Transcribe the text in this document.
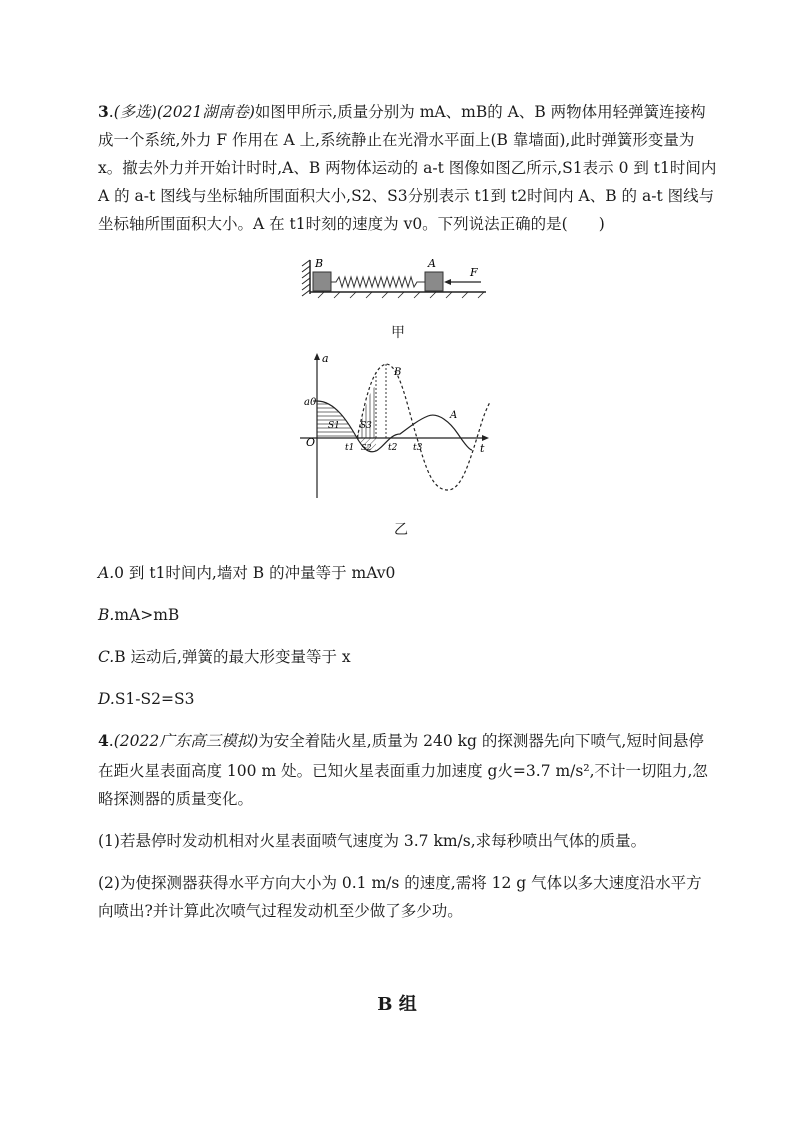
3.(多选)(2021湖南卷)如图甲所示,质量分别为 mA、mB的 A、B 两物体用轻弹簧连接构
成一个系统,外力 F 作用在 A 上,系统静止在光滑水平面上(B 靠墙面),此时弹簧形变量为
x。撤去外力并开始计时时,A、B 两物体运动的 a-t 图像如图乙所示,S1表示 0 到 t1时间内
A 的 a-t 图线与坐标轴所围面积大小,S2、S3分别表示 t1到 t2时间内 A、B 的 a-t 图线与
坐标轴所围面积大小。A 在 t1时刻的速度为 v0。下列说法正确的是(　　)
B	A
F
甲
a
t
O
a0
S1 S3
S2
t1	t2 t3
B
A
乙
A.0 到 t1时间内,墙对 B 的冲量等于 mAv0
B.mA>mB
C.B 运动后,弹簧的最大形变量等于 x
D.S1-S2=S3
4.(2022广东高三模拟)为安全着陆火星,质量为 240 kg 的探测器先向下喷气,短时间悬停
在距火星表面高度 100 m 处。已知火星表面重力加速度 g火=3.7 m/s²,不计一切阻力,忽
略探测器的质量变化。
(1)若悬停时发动机相对火星表面喷气速度为 3.7 km/s,求每秒喷出气体的质量。
(2)为使探测器获得水平方向大小为 0.1 m/s 的速度,需将 12 g 气体以多大速度沿水平方
向喷出?并计算此次喷气过程发动机至少做了多少功。
B 组
